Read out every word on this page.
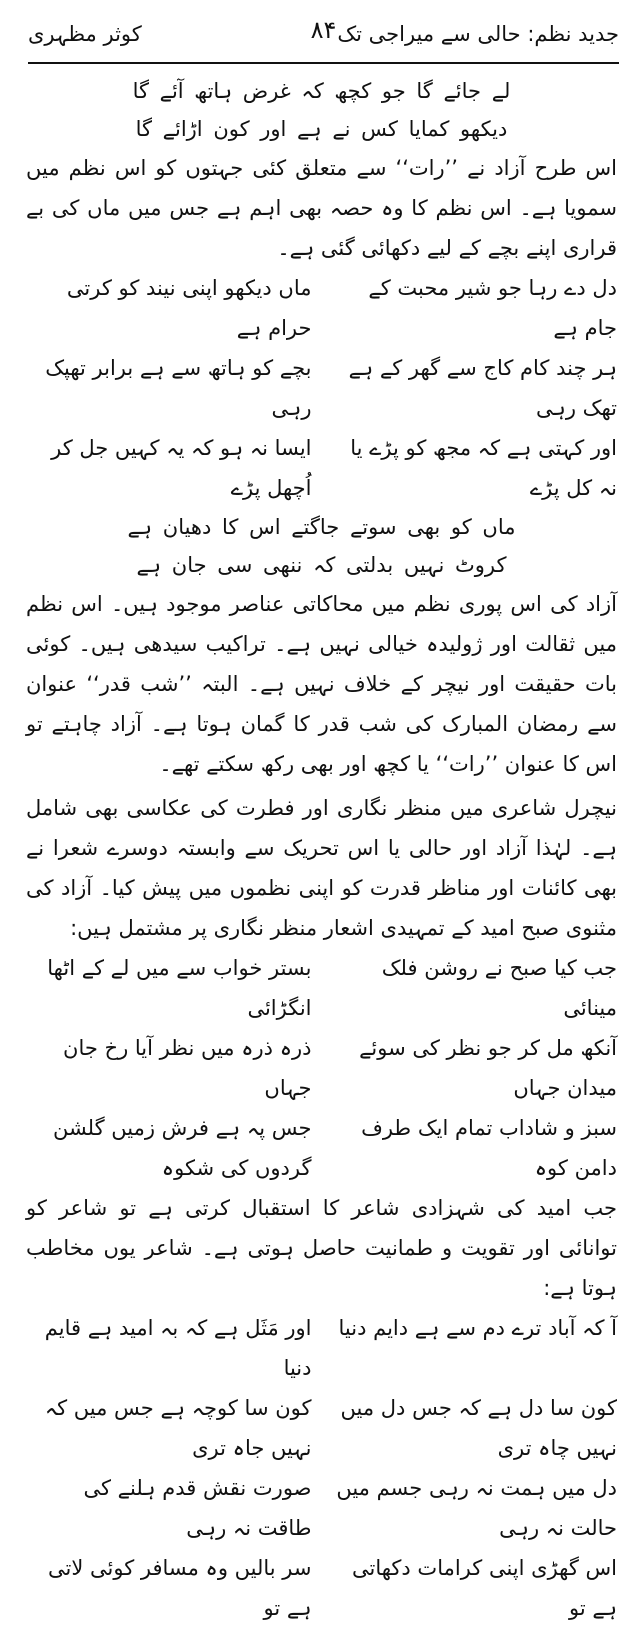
جدید نظم: حالی سے میراجی تک
۸۴
کوثر مظہری
لے جائے گا جو کچھ کہ غرض ہاتھ آئے گا
دیکھو کمایا کس نے ہے اور کون اڑائے گا

اس طرح آزاد نے ’’رات‘‘ سے متعلق کئی جہتوں کو اس نظم میں سمویا ہے۔ اس نظم کا وہ حصہ بھی اہم ہے جس میں ماں کی بے قراری اپنے بچے کے لیے دکھائی گئی ہے۔

دل دے رہا جو شیر محبت کے جام ہے
ماں دیکھو اپنی نیند کو کرتی حرام ہے
ہر چند کام کاج سے گھر کے ہے تھک رہی
بچے کو ہاتھ سے ہے برابر تھپک رہی
اور کہتی ہے کہ مجھ کو پڑے یا نہ کل پڑے
ایسا نہ ہو کہ یہ کہیں جل کر اُچھل پڑے
ماں کو بھی سوتے جاگتے اس کا دھیان ہے
کروٹ نہیں بدلتی کہ ننھی سی جان ہے

آزاد کی اس پوری نظم میں محاکاتی عناصر موجود ہیں۔ اس نظم میں ثقالت اور ژولیدہ خیالی نہیں ہے۔ تراکیب سیدھی ہیں۔ کوئی بات حقیقت اور نیچر کے خلاف نہیں ہے۔ البتہ ’’شب قدر‘‘ عنوان سے رمضان المبارک کی شب قدر کا گمان ہوتا ہے۔ آزاد چاہتے تو اس کا عنوان ’’رات‘‘ یا کچھ اور بھی رکھ سکتے تھے۔

نیچرل شاعری میں منظر نگاری اور فطرت کی عکاسی بھی شامل ہے۔ لہٰذا آزاد اور حالی یا اس تحریک سے وابستہ دوسرے شعرا نے بھی کائنات اور مناظر قدرت کو اپنی نظموں میں پیش کیا۔ آزاد کی مثنوی صبح امید کے تمہیدی اشعار منظر نگاری پر مشتمل ہیں:

جب کیا صبح نے روشن فلک مینائی
بستر خواب سے میں لے کے اٹھا انگڑائی
آنکھ مل کر جو نظر کی سوئے میدان جہاں
ذرہ ذرہ میں نظر آیا رخ جان جہاں
سبز و شاداب تمام ایک طرف دامن کوہ
جس پہ ہے فرش زمیں گلشن گردوں کی شکوہ

جب امید کی شہزادی شاعر کا استقبال کرتی ہے تو شاعر کو توانائی اور تقویت و طمانیت حاصل ہوتی ہے۔ شاعر یوں مخاطب ہوتا ہے:

آ کہ آباد ترے دم سے ہے دایم دنیا
اور مَثَل ہے کہ بہ امید ہے قایم دنیا
کون سا دل ہے کہ جس دل میں نہیں چاہ تری
کون سا کوچہ ہے جس میں کہ نہیں جاہ تری
دل میں ہمت نہ رہی جسم میں حالت نہ رہی
صورت نقش قدم ہلنے کی طاقت نہ رہی
اس گھڑی اپنی کرامات دکھاتی ہے تو
سر بالیں وہ مسافر کوئی لاتی ہے تو
